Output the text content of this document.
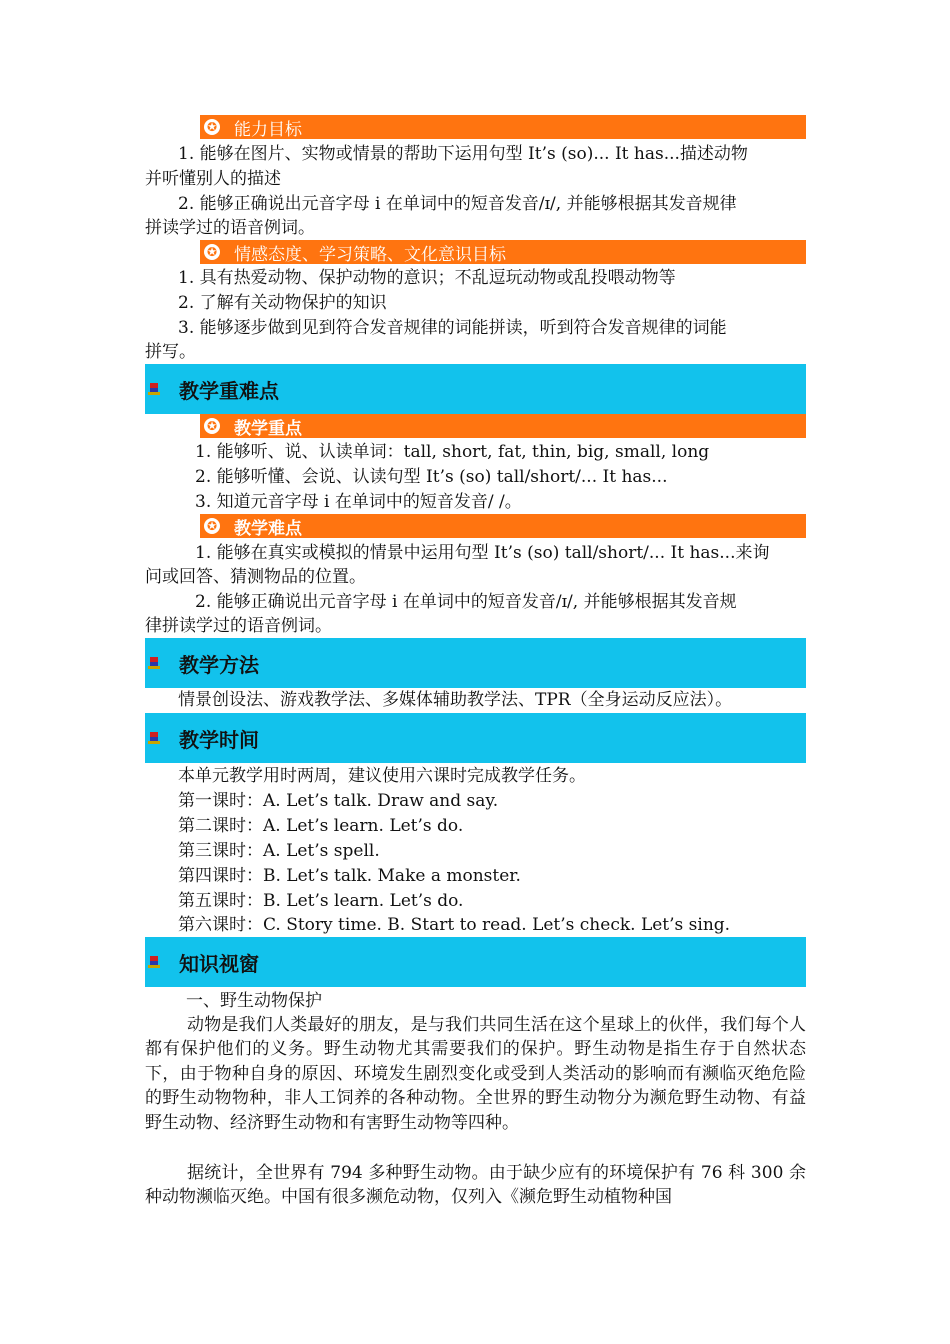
✪ 能力目标
1. 能够在图片、实物或情景的帮助下运用句型 It’s (so)... It has...描述动物
并听懂别人的描述
2. 能够正确说出元音字母 i 在单词中的短音发音/ɪ/, 并能够根据其发音规律
拼读学过的语音例词。
✪ 情感态度、学习策略、文化意识目标
1. 具有热爱动物、保护动物的意识；不乱逗玩动物或乱投喂动物等
2. 了解有关动物保护的知识
3. 能够逐步做到见到符合发音规律的词能拼读，听到符合发音规律的词能
拼写。
教学重难点
✪ 教学重点
1. 能够听、说、认读单词：tall, short, fat, thin, big, small, long
2. 能够听懂、会说、认读句型 It’s (so) tall/short/... It has...
3. 知道元音字母 i 在单词中的短音发音/ /。
✪ 教学难点
1. 能够在真实或模拟的情景中运用句型 It’s (so) tall/short/... It has...来询
问或回答、猜测物品的位置。
2. 能够正确说出元音字母 i 在单词中的短音发音/ɪ/, 并能够根据其发音规
律拼读学过的语音例词。
教学方法
情景创设法、游戏教学法、多媒体辅助教学法、TPR（全身运动反应法）。
教学时间
本单元教学用时两周，建议使用六课时完成教学任务。
第一课时：A. Let’s talk. Draw and say.
第二课时：A. Let’s learn. Let’s do.
第三课时：A. Let’s spell.
第四课时：B. Let’s talk. Make a monster.
第五课时：B. Let’s learn. Let’s do.
第六课时：C. Story time. B. Start to read. Let’s check. Let’s sing.
知识视窗
一、野生动物保护
动物是我们人类最好的朋友，是与我们共同生活在这个星球上的伙伴，我们每个人都有保护他们的义务。野生动物尤其需要我们的保护。野生动物是指生存于自然状态下，由于物种自身的原因、环境发生剧烈变化或受到人类活动的影响而有濒临灭绝危险的野生动物物种，非人工饲养的各种动物。全世界的野生动物分为濒危野生动物、有益野生动物、经济野生动物和有害野生动物等四种。
据统计，全世界有 794 多种野生动物。由于缺少应有的环境保护有 76 科 300 余种动物濒临灭绝。中国有很多濒危动物，仅列入《濒危野生动植物种国
